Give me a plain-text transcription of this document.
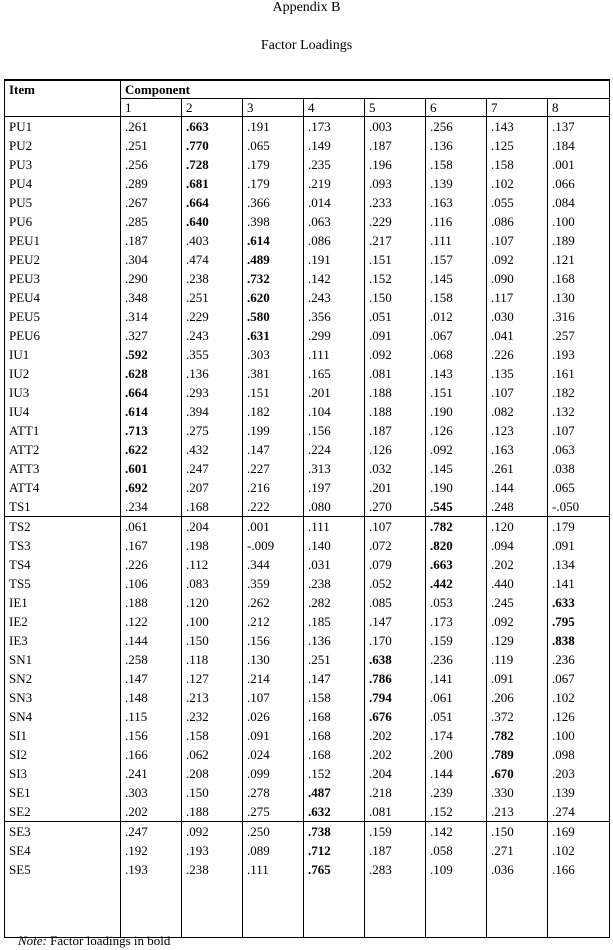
Appendix B
Factor Loadings
Item	Component							
	1	2	3	4	5	6	7	8
PU1	.261	.663	.191	.173	.003	.256	.143	.137
PU2	.251	.770	.065	.149	.187	.136	.125	.184
PU3	.256	.728	.179	.235	.196	.158	.158	.001
PU4	.289	.681	.179	.219	.093	.139	.102	.066
PU5	.267	.664	.366	.014	.233	.163	.055	.084
PU6	.285	.640	.398	.063	.229	.116	.086	.100
PEU1	.187	.403	.614	.086	.217	.111	.107	.189
PEU2	.304	.474	.489	.191	.151	.157	.092	.121
PEU3	.290	.238	.732	.142	.152	.145	.090	.168
PEU4	.348	.251	.620	.243	.150	.158	.117	.130
PEU5	.314	.229	.580	.356	.051	.012	.030	.316
PEU6	.327	.243	.631	.299	.091	.067	.041	.257
IU1	.592	.355	.303	.111	.092	.068	.226	.193
IU2	.628	.136	.381	.165	.081	.143	.135	.161
IU3	.664	.293	.151	.201	.188	.151	.107	.182
IU4	.614	.394	.182	.104	.188	.190	.082	.132
ATT1	.713	.275	.199	.156	.187	.126	.123	.107
ATT2	.622	.432	.147	.224	.126	.092	.163	.063
ATT3	.601	.247	.227	.313	.032	.145	.261	.038
ATT4	.692	.207	.216	.197	.201	.190	.144	.065
TS1	.234	.168	.222	.080	.270	.545	.248	-.050
TS2	.061	.204	.001	.111	.107	.782	.120	.179
TS3	.167	.198	-.009	.140	.072	.820	.094	.091
TS4	.226	.112	.344	.031	.079	.663	.202	.134
TS5	.106	.083	.359	.238	.052	.442	.440	.141
IE1	.188	.120	.262	.282	.085	.053	.245	.633
IE2	.122	.100	.212	.185	.147	.173	.092	.795
IE3	.144	.150	.156	.136	.170	.159	.129	.838
SN1	.258	.118	.130	.251	.638	.236	.119	.236
SN2	.147	.127	.214	.147	.786	.141	.091	.067
SN3	.148	.213	.107	.158	.794	.061	.206	.102
SN4	.115	.232	.026	.168	.676	.051	.372	.126
SI1	.156	.158	.091	.168	.202	.174	.782	.100
SI2	.166	.062	.024	.168	.202	.200	.789	.098
SI3	.241	.208	.099	.152	.204	.144	.670	.203
SE1	.303	.150	.278	.487	.218	.239	.330	.139
SE2	.202	.188	.275	.632	.081	.152	.213	.274
SE3	.247	.092	.250	.738	.159	.142	.150	.169
SE4	.192	.193	.089	.712	.187	.058	.271	.102
SE5	.193	.238	.111	.765	.283	.109	.036	.166

Note: Factor loadings in bold
